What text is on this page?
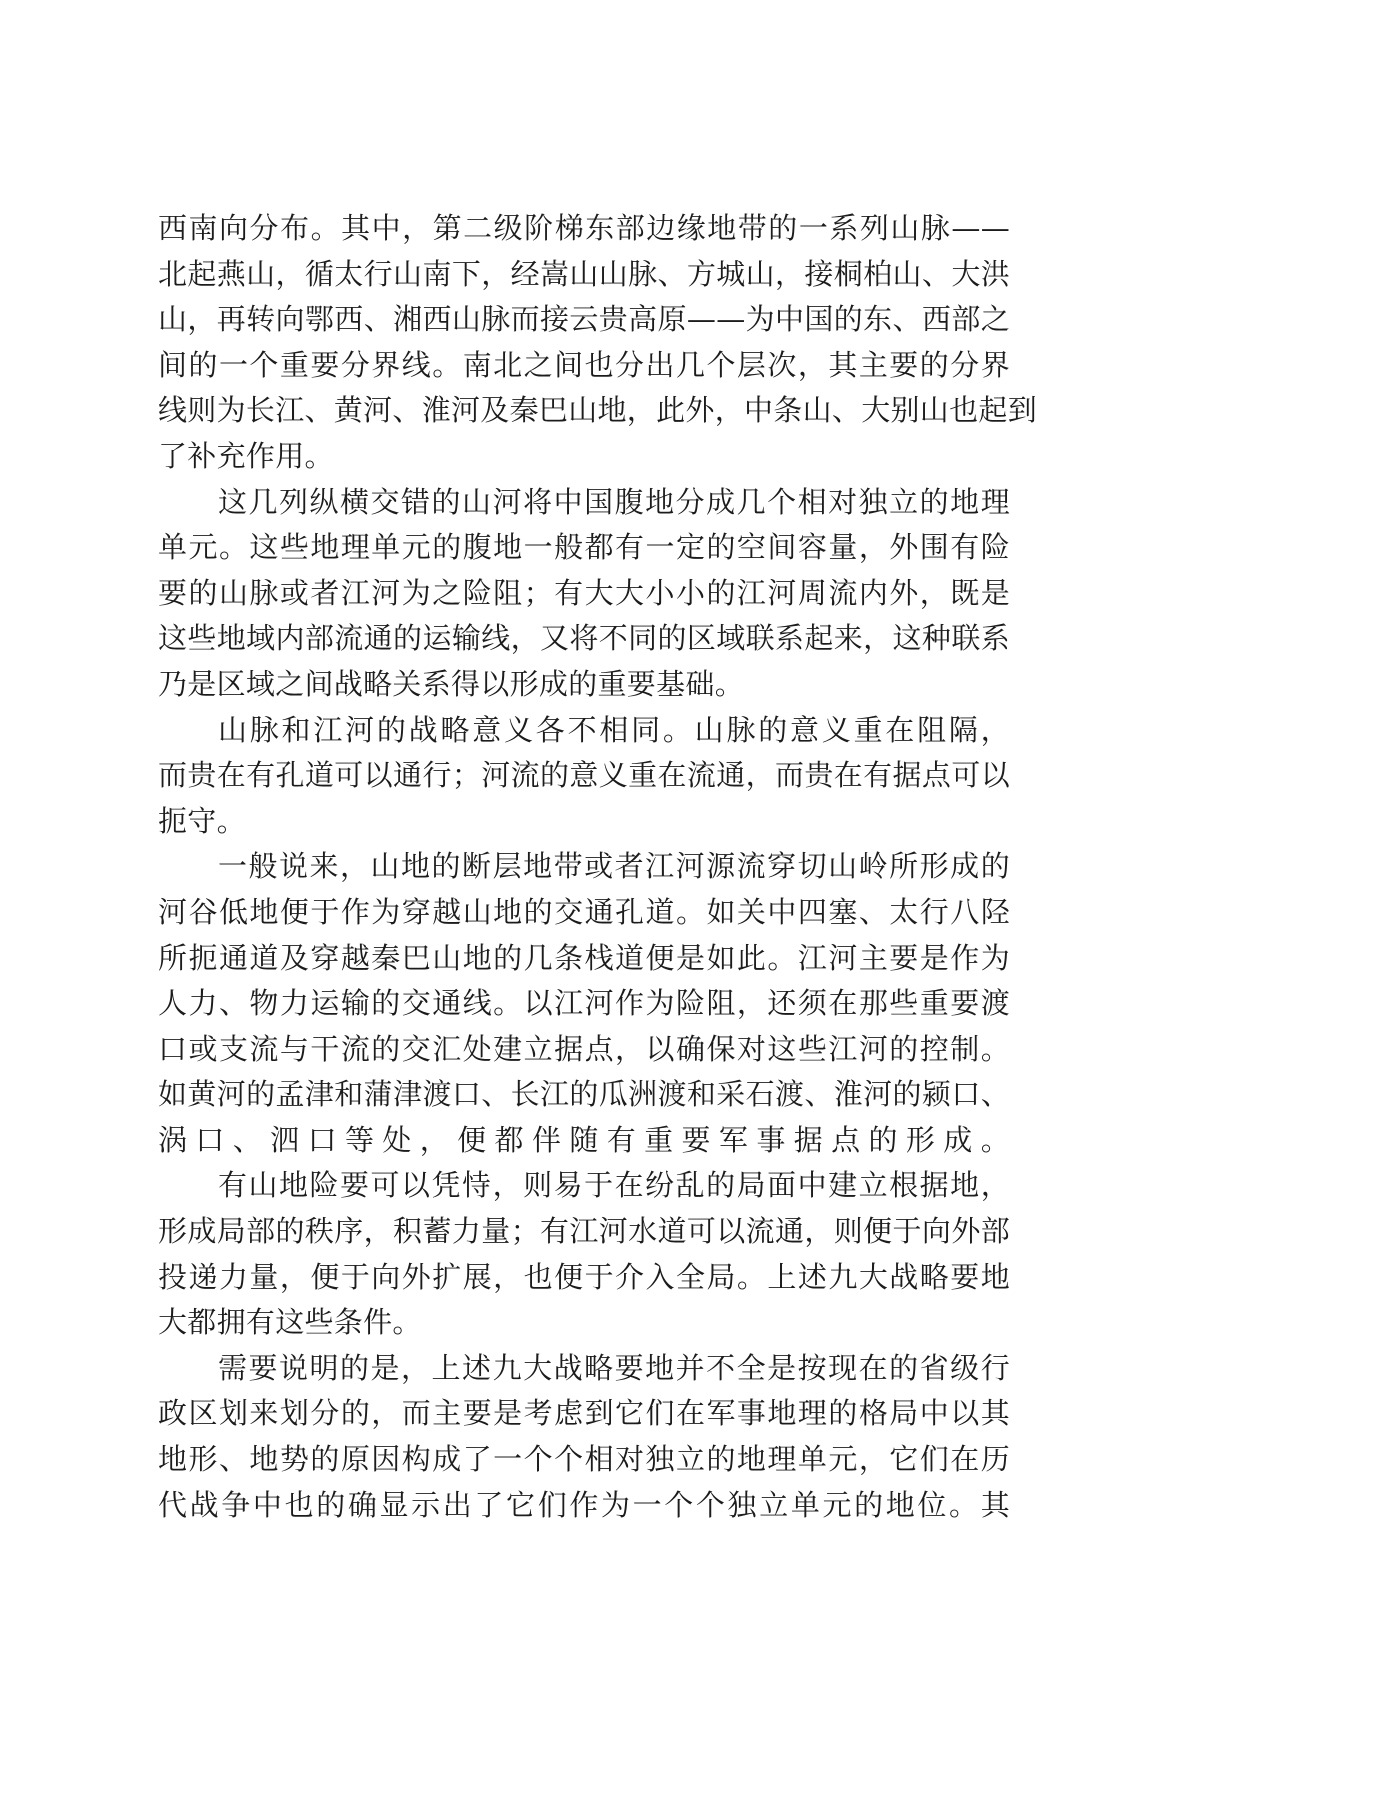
西南向分布。其中，第二级阶梯东部边缘地带的一系列山脉——
北起燕山，循太行山南下，经嵩山山脉、方城山，接桐柏山、大洪
山，再转向鄂西、湘西山脉而接云贵高原——为中国的东、西部之
间的一个重要分界线。南北之间也分出几个层次，其主要的分界
线则为长江、黄河、淮河及秦巴山地，此外，中条山、大别山也起到
了补充作用。
这几列纵横交错的山河将中国腹地分成几个相对独立的地理
单元。这些地理单元的腹地一般都有一定的空间容量，外围有险
要的山脉或者江河为之险阻；有大大小小的江河周流内外，既是
这些地域内部流通的运输线，又将不同的区域联系起来，这种联系
乃是区域之间战略关系得以形成的重要基础。
山脉和江河的战略意义各不相同。山脉的意义重在阻隔，
而贵在有孔道可以通行；河流的意义重在流通，而贵在有据点可以
扼守。
一般说来，山地的断层地带或者江河源流穿切山岭所形成的
河谷低地便于作为穿越山地的交通孔道。如关中四塞、太行八陉
所扼通道及穿越秦巴山地的几条栈道便是如此。江河主要是作为
人力、物力运输的交通线。以江河作为险阻，还须在那些重要渡
口或支流与干流的交汇处建立据点，以确保对这些江河的控制。
如黄河的孟津和蒲津渡口、长江的瓜洲渡和采石渡、淮河的颍口、
涡口、泗口等处，便都伴随有重要军事据点的形成。
有山地险要可以凭恃，则易于在纷乱的局面中建立根据地，
形成局部的秩序，积蓄力量；有江河水道可以流通，则便于向外部
投递力量，便于向外扩展，也便于介入全局。上述九大战略要地
大都拥有这些条件。
需要说明的是，上述九大战略要地并不全是按现在的省级行
政区划来划分的，而主要是考虑到它们在军事地理的格局中以其
地形、地势的原因构成了一个个相对独立的地理单元，它们在历
代战争中也的确显示出了它们作为一个个独立单元的地位。其
